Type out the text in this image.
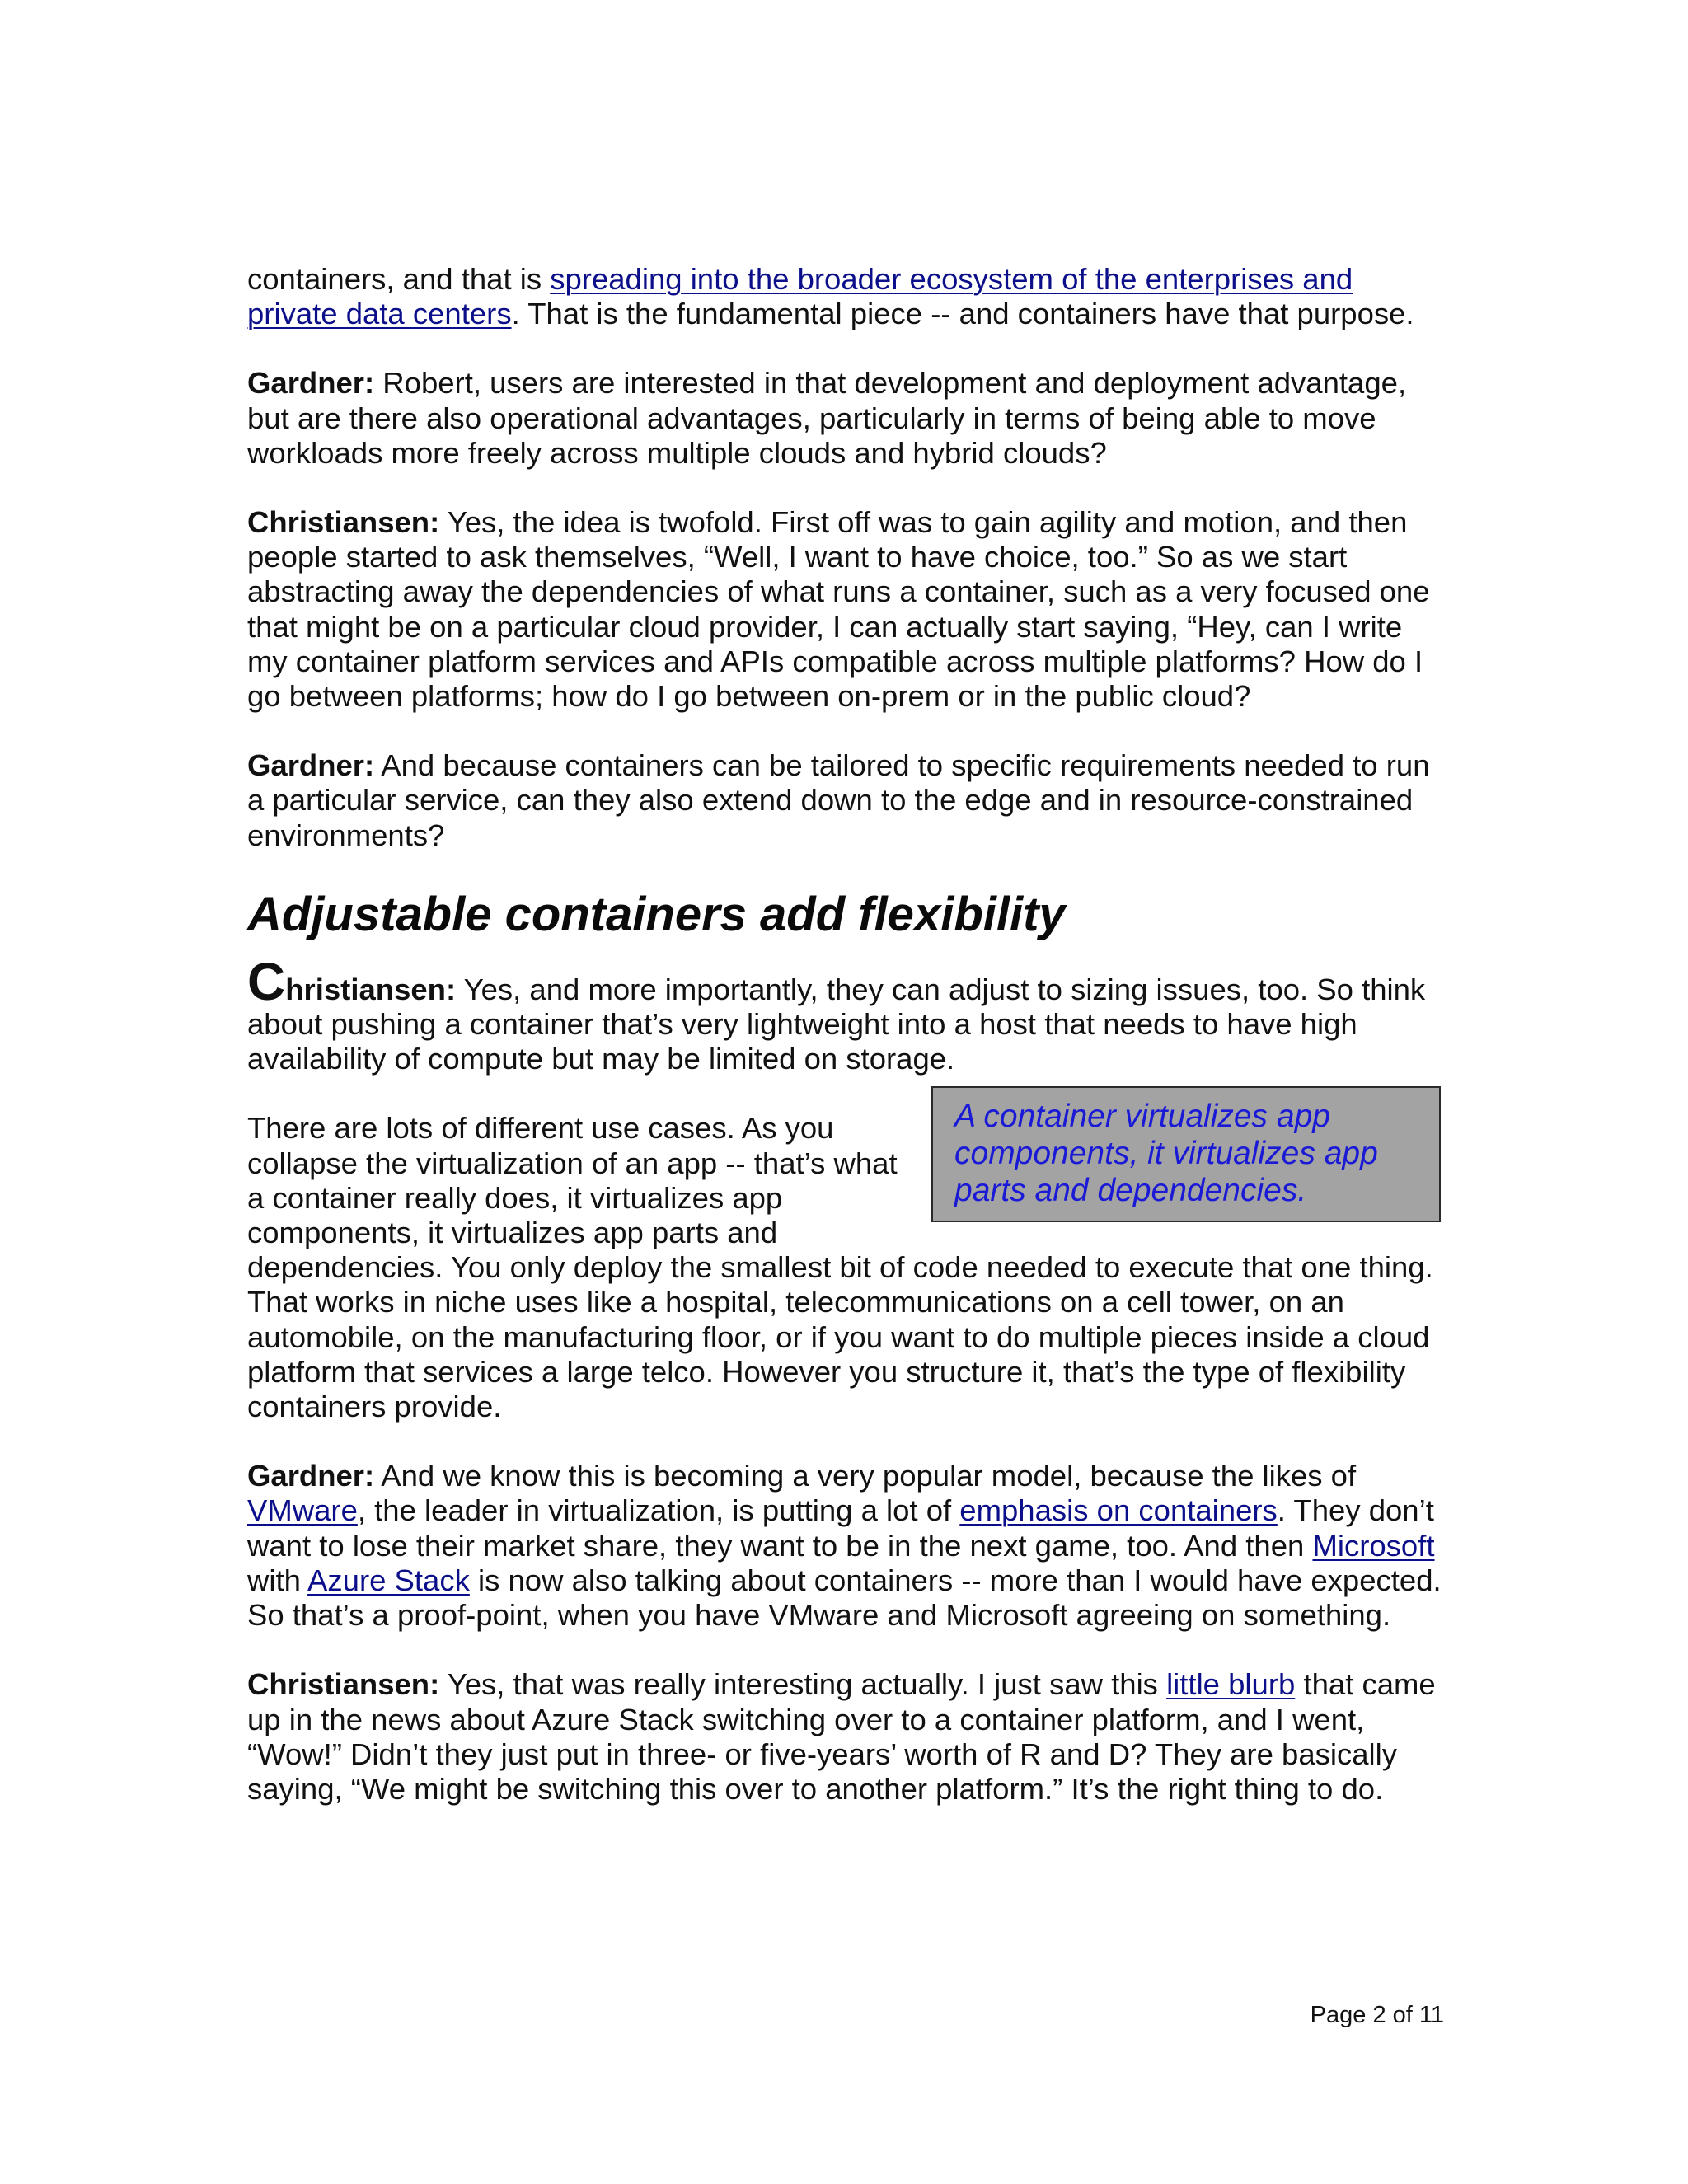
containers, and that is spreading into the broader ecosystem of the enterprises and private data centers. That is the fundamental piece -- and containers have that purpose.

Gardner: Robert, users are interested in that development and deployment advantage, but are there also operational advantages, particularly in terms of being able to move workloads more freely across multiple clouds and hybrid clouds?

Christiansen: Yes, the idea is twofold. First off was to gain agility and motion, and then people started to ask themselves, “Well, I want to have choice, too.” So as we start abstracting away the dependencies of what runs a container, such as a very focused one that might be on a particular cloud provider, I can actually start saying, “Hey, can I write my container platform services and APIs compatible across multiple platforms? How do I go between platforms; how do I go between on-prem or in the public cloud?

Gardner: And because containers can be tailored to specific requirements needed to run a particular service, can they also extend down to the edge and in resource-constrained environments?

Adjustable containers add flexibility

Christiansen: Yes, and more importantly, they can adjust to sizing issues, too. So think about pushing a container that’s very lightweight into a host that needs to have high availability of compute but may be limited on storage.

A container virtualizes app components, it virtualizes app parts and dependencies.

There are lots of different use cases. As you collapse the virtualization of an app -- that’s what a container really does, it virtualizes app components, it virtualizes app parts and dependencies. You only deploy the smallest bit of code needed to execute that one thing. That works in niche uses like a hospital, telecommunications on a cell tower, on an automobile, on the manufacturing floor, or if you want to do multiple pieces inside a cloud platform that services a large telco. However you structure it, that’s the type of flexibility containers provide.

Gardner: And we know this is becoming a very popular model, because the likes of VMware, the leader in virtualization, is putting a lot of emphasis on containers. They don’t want to lose their market share, they want to be in the next game, too. And then Microsoft with Azure Stack is now also talking about containers -- more than I would have expected. So that’s a proof-point, when you have VMware and Microsoft agreeing on something.

Christiansen: Yes, that was really interesting actually. I just saw this little blurb that came up in the news about Azure Stack switching over to a container platform, and I went, “Wow!” Didn’t they just put in three- or five-years’ worth of R and D? They are basically saying, “We might be switching this over to another platform.” It’s the right thing to do.

Page 2 of 11
